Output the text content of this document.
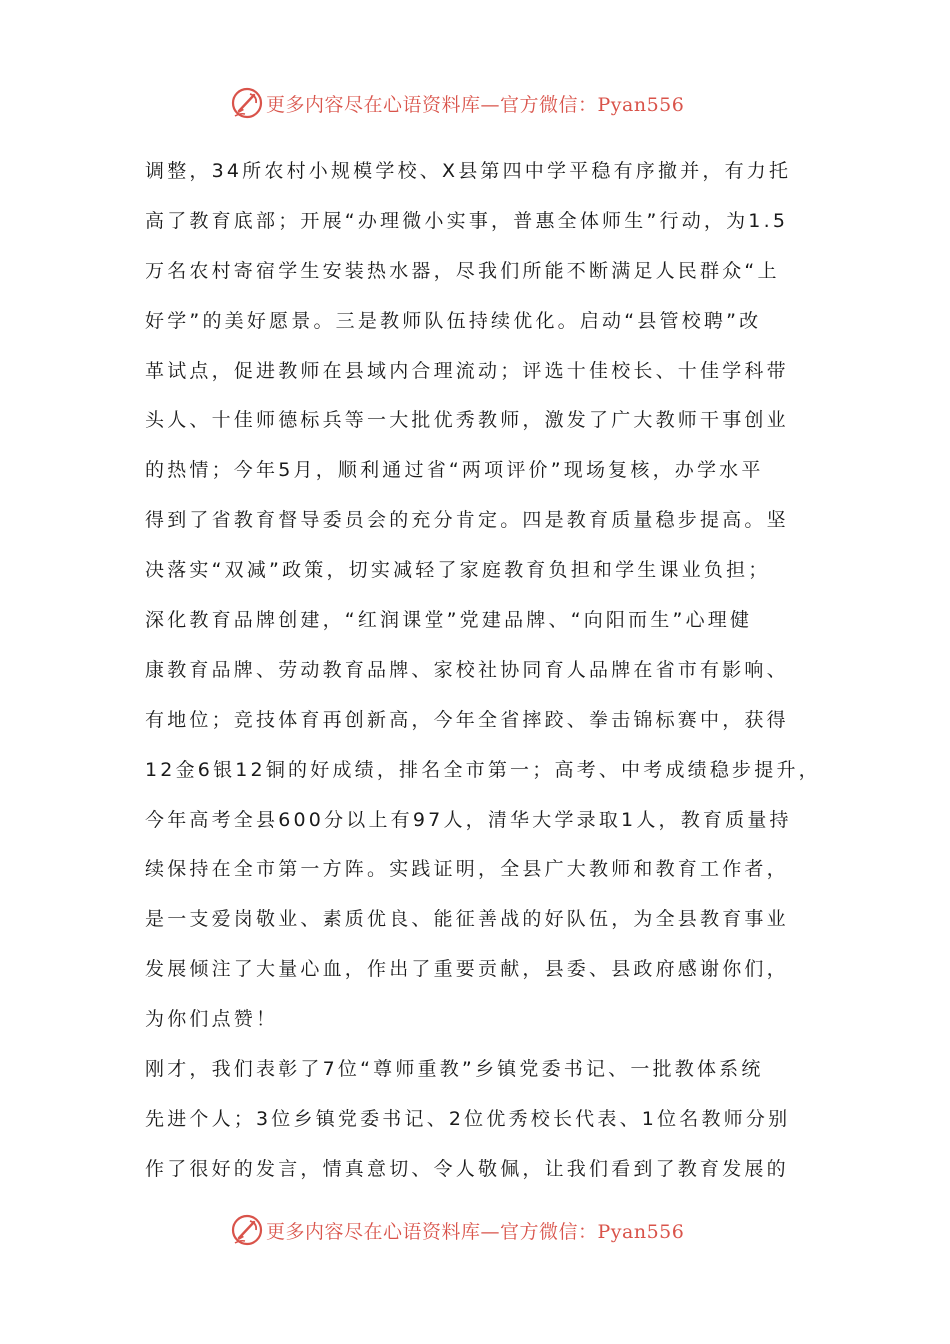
更多内容尽在心语资料库—官方微信：Pyan556
调整，34所农村小规模学校、X县第四中学平稳有序撤并，有力托
高了教育底部；开展“办理微小实事，普惠全体师生”行动，为1.5
万名农村寄宿学生安装热水器，尽我们所能不断满足人民群众“上
好学”的美好愿景。三是教师队伍持续优化。启动“县管校聘”改
革试点，促进教师在县域内合理流动；评选十佳校长、十佳学科带
头人、十佳师德标兵等一大批优秀教师，激发了广大教师干事创业
的热情；今年5月，顺利通过省“两项评价”现场复核，办学水平
得到了省教育督导委员会的充分肯定。四是教育质量稳步提高。坚
决落实“双减”政策，切实减轻了家庭教育负担和学生课业负担；
深化教育品牌创建，“红润课堂”党建品牌、“向阳而生”心理健
康教育品牌、劳动教育品牌、家校社协同育人品牌在省市有影响、
有地位；竞技体育再创新高，今年全省摔跤、拳击锦标赛中，获得
12金6银12铜的好成绩，排名全市第一；高考、中考成绩稳步提升，
今年高考全县600分以上有97人，清华大学录取1人，教育质量持
续保持在全市第一方阵。实践证明，全县广大教师和教育工作者，
是一支爱岗敬业、素质优良、能征善战的好队伍，为全县教育事业
发展倾注了大量心血，作出了重要贡献，县委、县政府感谢你们，
为你们点赞！
刚才，我们表彰了7位“尊师重教”乡镇党委书记、一批教体系统
先进个人；3位乡镇党委书记、2位优秀校长代表、1位名教师分别
作了很好的发言，情真意切、令人敬佩，让我们看到了教育发展的
更多内容尽在心语资料库—官方微信：Pyan556
